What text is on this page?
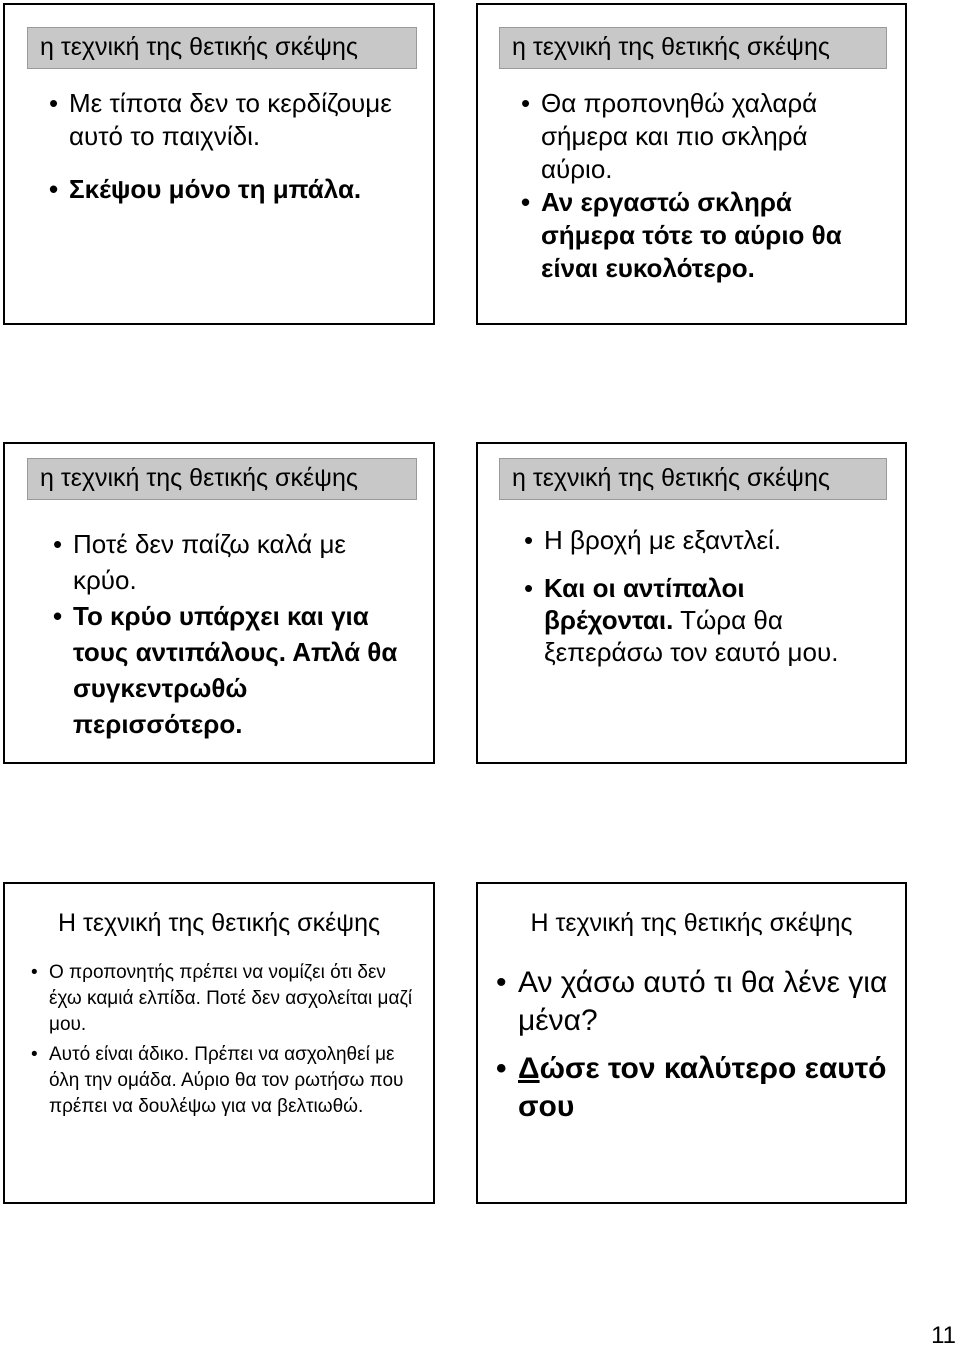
η τεχνική της θετικής σκέψης
• Με τίποτα δεν το κερδίζουμε αυτό το παιχνίδι.
• Σκέψου μόνο τη μπάλα.
η τεχνική της θετικής σκέψης
• Θα προπονηθώ χαλαρά σήμερα και πιο σκληρά αύριο.
• Αν εργαστώ σκληρά σήμερα τότε το αύριο θα είναι ευκολότερο.
η τεχνική της θετικής σκέψης
• Ποτέ δεν παίζω καλά με κρύο.
• Το κρύο υπάρχει και για τους αντιπάλους. Απλά θα συγκεντρωθώ περισσότερο.
η τεχνική της θετικής σκέψης
• Η βροχή με εξαντλεί.
• Και οι αντίπαλοι βρέχονται. Τώρα θα ξεπεράσω τον εαυτό μου.
Η τεχνική της θετικής σκέψης
• Ο προπονητής πρέπει να νομίζει ότι δεν έχω καμιά ελπίδα. Ποτέ δεν ασχολείται μαζί μου.
• Αυτό είναι άδικο. Πρέπει να ασχοληθεί με όλη την ομάδα. Αύριο θα τον ρωτήσω που πρέπει να δουλέψω για να βελτιωθώ.
Η τεχνική της θετικής σκέψης
• Αν χάσω αυτό τι θα λένε για μένα?
• Δώσε τον καλύτερο εαυτό σου
11
